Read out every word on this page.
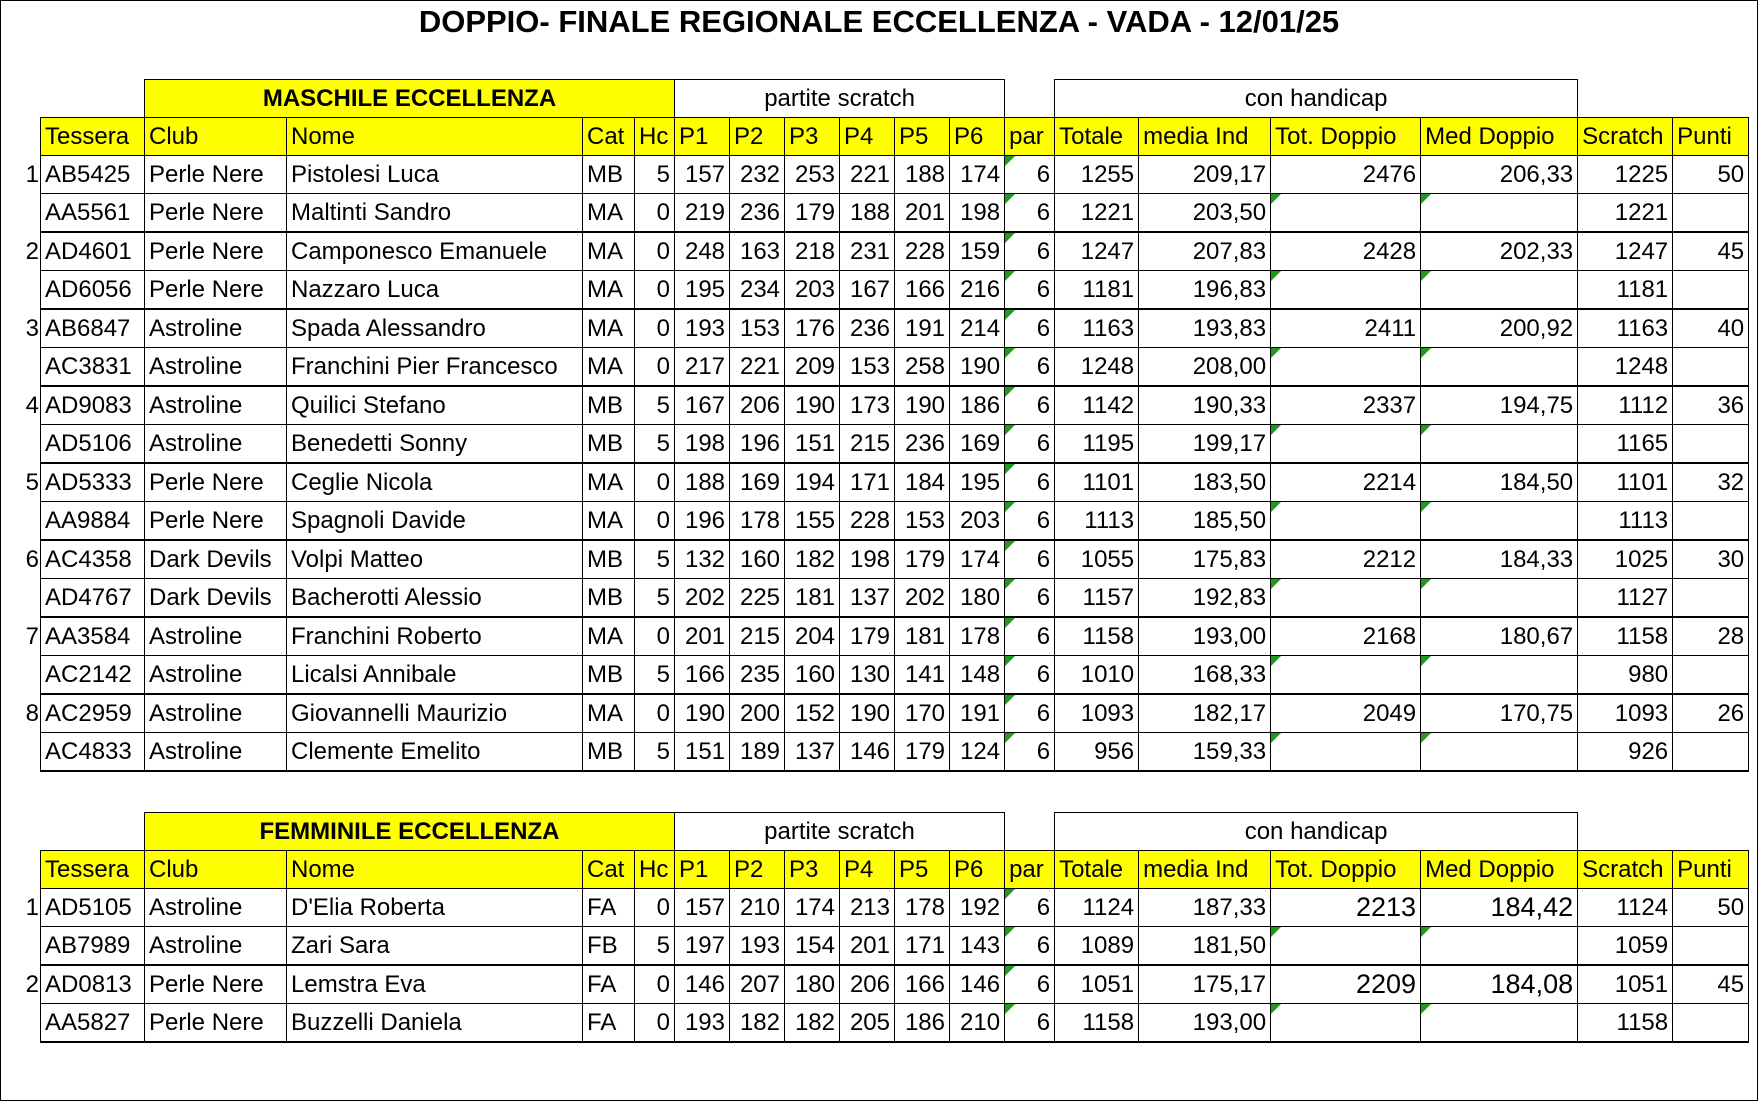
DOPPIO- FINALE REGIONALE ECCELLENZA - VADA - 12/01/25
	MASCHILE ECCELLENZA				partite scratch							con handicap					
Tessera	Club	Nome	Cat	Hc	P1	P2	P3	P4	P5	P6	par	Totale	media Ind	Tot. Doppio	Med Doppio	Scratch	Punti

1 AB5425	Perle Nere	Pistolesi Luca	MB	5	157	232	253	221	188	174	6	1255	209,17	2476	206,33	1225	50
AA5561	Perle Nere	Maltinti Sandro	MA	0	219	236	179	188	201	198	6	1221	203,50			1221	

2 AD4601	Perle Nere	Camponesco Emanuele	MA	0	248	163	218	231	228	159	6	1247	207,83	2428	202,33	1247	45
AD6056	Perle Nere	Nazzaro Luca	MA	0	195	234	203	167	166	216	6	1181	196,83			1181	

3 AB6847	Astroline	Spada Alessandro	MA	0	193	153	176	236	191	214	6	1163	193,83	2411	200,92	1163	40
AC3831	Astroline	Franchini Pier Francesco	MA	0	217	221	209	153	258	190	6	1248	208,00			1248	

4 AD9083	Astroline	Quilici Stefano	MB	5	167	206	190	173	190	186	6	1142	190,33	2337	194,75	1112	36
AD5106	Astroline	Benedetti Sonny	MB	5	198	196	151	215	236	169	6	1195	199,17			1165	

5 AD5333	Perle Nere	Ceglie Nicola	MA	0	188	169	194	171	184	195	6	1101	183,50	2214	184,50	1101	32
AA9884	Perle Nere	Spagnoli Davide	MA	0	196	178	155	228	153	203	6	1113	185,50			1113	

6 AC4358	Dark Devils	Volpi Matteo	MB	5	132	160	182	198	179	174	6	1055	175,83	2212	184,33	1025	30
AD4767	Dark Devils	Bacherotti Alessio	MB	5	202	225	181	137	202	180	6	1157	192,83			1127	

7 AA3584	Astroline	Franchini Roberto	MA	0	201	215	204	179	181	178	6	1158	193,00	2168	180,67	1158	28
AC2142	Astroline	Licalsi Annibale	MB	5	166	235	160	130	141	148	6	1010	168,33			980	

8 AC2959	Astroline	Giovannelli Maurizio	MA	0	190	200	152	190	170	191	6	1093	182,17	2049	170,75	1093	26
AC4833	Astroline	Clemente Emelito	MB	5	151	189	137	146	179	124	6	956	159,33			926	
	FEMMINILE ECCELLENZA				partite scratch							con handicap					
Tessera	Club	Nome	Cat	Hc	P1	P2	P3	P4	P5	P6	par	Totale	media Ind	Tot. Doppio	Med Doppio	Scratch	Punti

1 AD5105	Astroline	D'Elia Roberta	FA	0	157	210	174	213	178	192	6	1124	187,33	2213	184,42	1124	50
AB7989	Astroline	Zari Sara	FB	5	197	193	154	201	171	143	6	1089	181,50			1059	

2 AD0813	Perle Nere	Lemstra Eva	FA	0	146	207	180	206	166	146	6	1051	175,17	2209	184,08	1051	45
AA5827	Perle Nere	Buzzelli Daniela	FA	0	193	182	182	205	186	210	6	1158	193,00			1158	
